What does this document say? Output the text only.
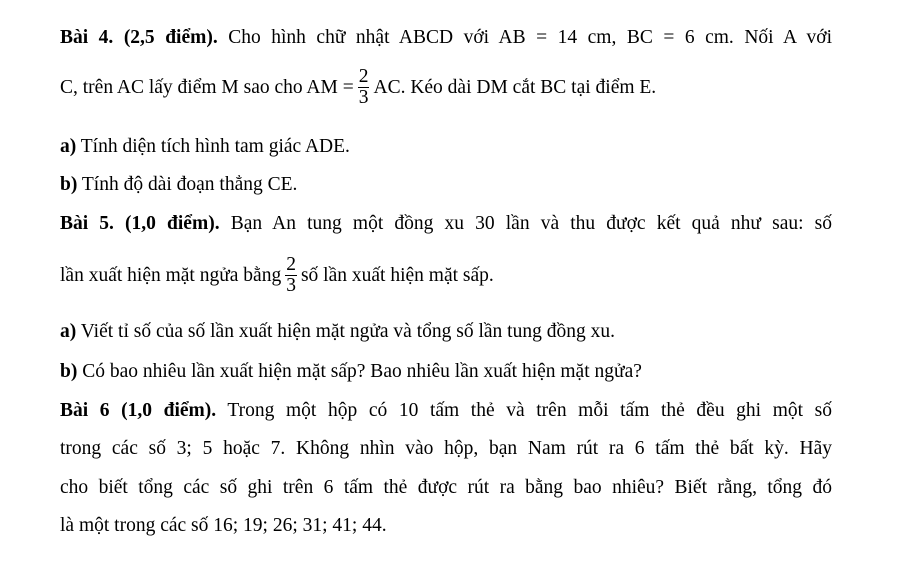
Bài 4. (2,5 điểm). Cho hình chữ nhật ABCD với AB = 14 cm, BC = 6 cm. Nối A với
C, trên AC lấy điểm M sao cho AM = $\frac{2}{3}$ AC. Kéo dài DM cắt BC tại điểm E.
a) Tính diện tích hình tam giác ADE.
b) Tính độ dài đoạn thẳng CE.
Bài 5. (1,0 điểm). Bạn An tung một đồng xu 30 lần và thu được kết quả như sau: số
lần xuất hiện mặt ngửa bằng $\frac{2}{3}$ số lần xuất hiện mặt sấp.
a) Viết tỉ số của số lần xuất hiện mặt ngửa và tổng số lần tung đồng xu.
b) Có bao nhiêu lần xuất hiện mặt sấp? Bao nhiêu lần xuất hiện mặt ngửa?
Bài 6 (1,0 điểm). Trong một hộp có 10 tấm thẻ và trên mỗi tấm thẻ đều ghi một số
trong các số 3; 5 hoặc 7. Không nhìn vào hộp, bạn Nam rút ra 6 tấm thẻ bất kỳ. Hãy
cho biết tổng các số ghi trên 6 tấm thẻ được rút ra bằng bao nhiêu? Biết rằng, tổng đó
là một trong các số 16; 19; 26; 31; 41; 44.
